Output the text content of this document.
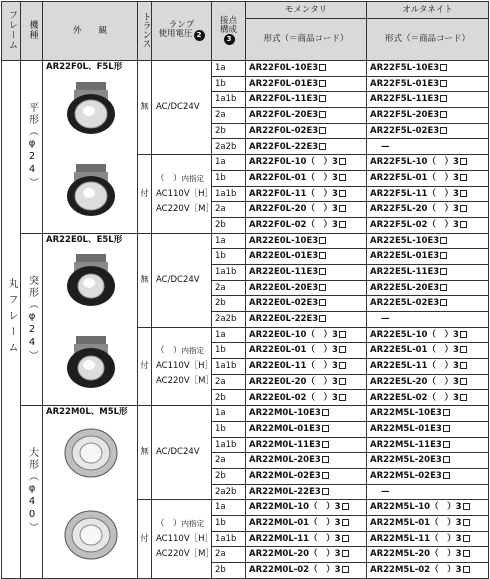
フレーム	機種	外　　観	トランス	ランプ
使用電圧 2	接点
構成
3	モメンタリ	オルタネイト
						形式（＝商品コード）	形式（＝商品コード）
丸フレーム	平形（φ24）	AR22F0L、F5L形	無	AC/DC24V	1a	AR22F0L-10E3	AR22F5L-10E3
					1b	AR22F0L-01E3	AR22F5L-01E3
					1a1b	AR22F0L-11E3	AR22F5L-11E3
					2a	AR22F0L-20E3	AR22F5L-20E3
					2b	AR22F0L-02E3	AR22F5L-02E3
					2a2b	AR22F0L-22E3	—
			付	（　）内指定
AC110V［H］
AC220V［M］	1a	AR22F0L-10（　）3	AR22F5L-10（　）3
					1b	AR22F0L-01（　）3	AR22F5L-01（　）3
					1a1b	AR22F0L-11（　）3	AR22F5L-11（　）3
					2a	AR22F0L-20（　）3	AR22F5L-20（　）3
					2b	AR22F0L-02（　）3	AR22F5L-02（　）3
	突形（φ24）	AR22E0L、E5L形	無	AC/DC24V	1a	AR22E0L-10E3	AR22E5L-10E3
					1b	AR22E0L-01E3	AR22E5L-01E3
					1a1b	AR22E0L-11E3	AR22E5L-11E3
					2a	AR22E0L-20E3	AR22E5L-20E3
					2b	AR22E0L-02E3	AR22E5L-02E3
					2a2b	AR22E0L-22E3	—
			付	（　）内指定
AC110V［H］
AC220V［M］	1a	AR22E0L-10（　）3	AR22E5L-10（　）3
					1b	AR22E0L-01（　）3	AR22E5L-01（　）3
					1a1b	AR22E0L-11（　）3	AR22E5L-11（　）3
					2a	AR22E0L-20（　）3	AR22E5L-20（　）3
					2b	AR22E0L-02（　）3	AR22E5L-02（　）3
	大形（φ40）	AR22M0L、M5L形	無	AC/DC24V	1a	AR22M0L-10E3	AR22M5L-10E3
					1b	AR22M0L-01E3	AR22M5L-01E3
					1a1b	AR22M0L-11E3	AR22M5L-11E3
					2a	AR22M0L-20E3	AR22M5L-20E3
					2b	AR22M0L-02E3	AR22M5L-02E3
					2a2b	AR22M0L-22E3	—
			付	（　）内指定
AC110V［H］
AC220V［M］	1a	AR22M0L-10（　）3	AR22M5L-10（　）3
					1b	AR22M0L-01（　）3	AR22M5L-01（　）3
					1a1b	AR22M0L-11（　）3	AR22M5L-11（　）3
					2a	AR22M0L-20（　）3	AR22M5L-20（　）3
					2b	AR22M0L-02（　）3	AR22M5L-02（　）3
